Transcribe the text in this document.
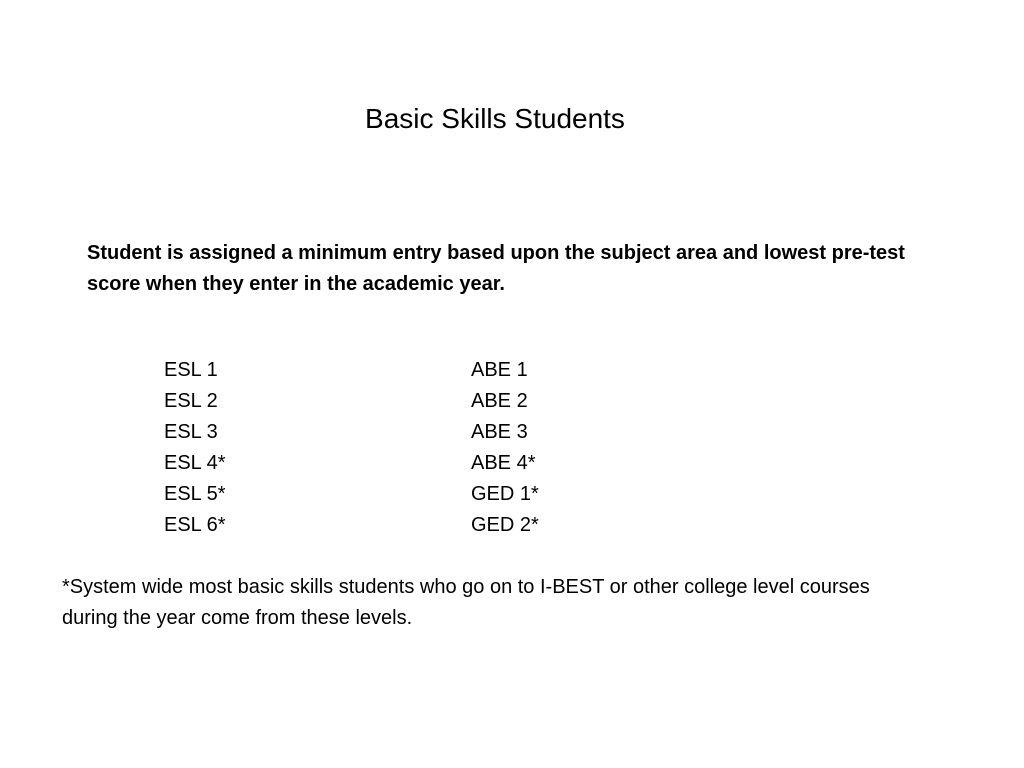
Basic Skills Students
Student is assigned a minimum entry based upon the subject area and lowest pre-test score when they enter in the academic year.
ESL 1
ESL 2
ESL 3
ESL 4*
ESL 5*
ESL 6*
ABE 1
ABE 2
ABE 3
ABE 4*
GED 1*
GED 2*
*System wide most basic skills students who go on to I-BEST or other college level courses during the year come from these levels.
